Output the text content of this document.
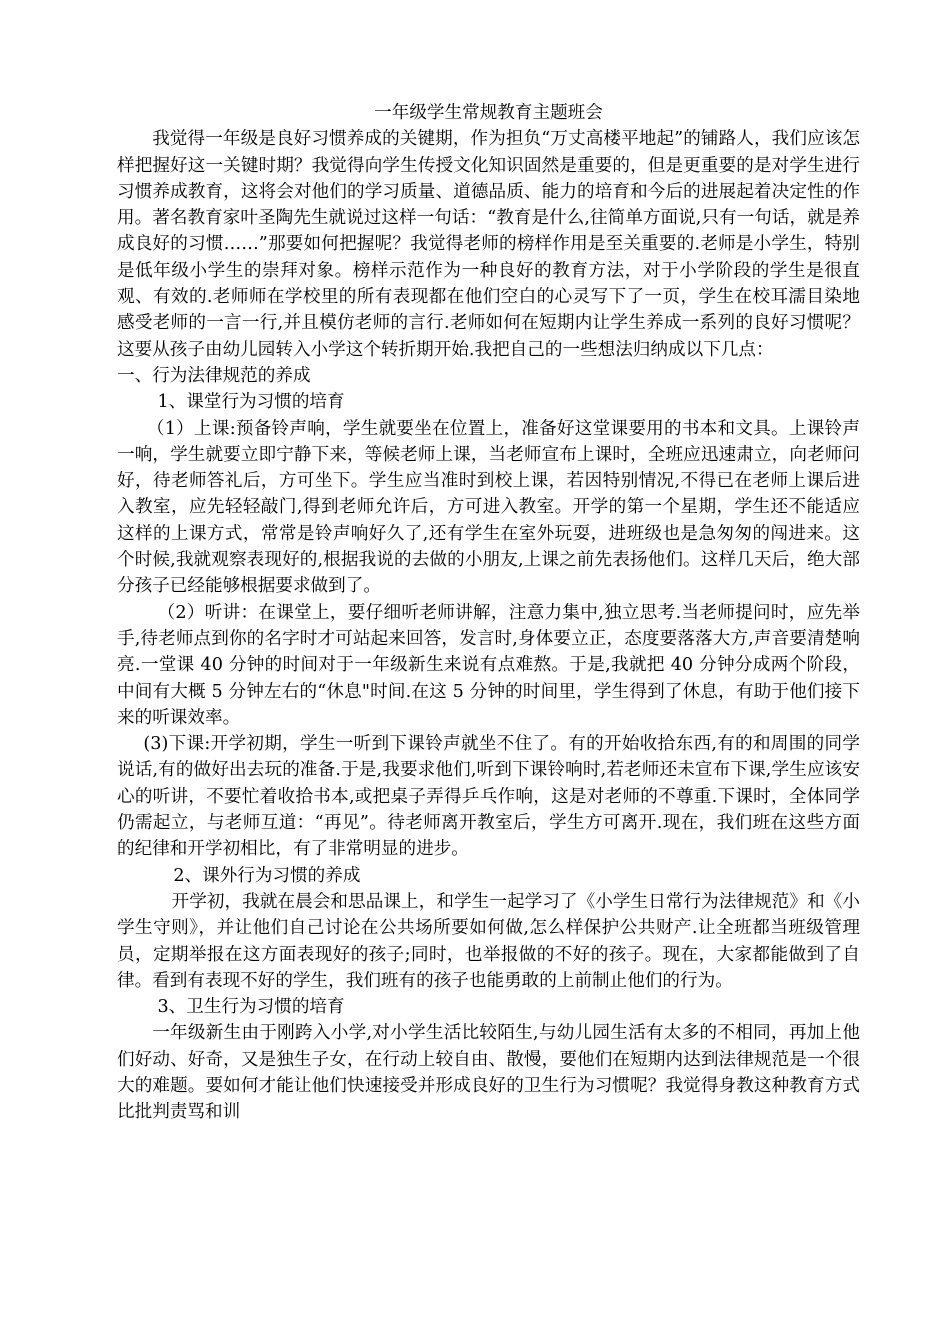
一年级学生常规教育主题班会

我觉得一年级是良好习惯养成的关键期，作为担负“万丈高楼平地起”的铺路人，我们应该怎样把握好这一关键时期？我觉得向学生传授文化知识固然是重要的，但是更重要的是对学生进行习惯养成教育，这将会对他们的学习质量、道德品质、能力的培育和今后的进展起着决定性的作用。著名教育家叶圣陶先生就说过这样一句话：“教育是什么,往简单方面说,只有一句话，就是养成良好的习惯……”那要如何把握呢？我觉得老师的榜样作用是至关重要的.老师是小学生，特别是低年级小学生的崇拜对象。榜样示范作为一种良好的教育方法，对于小学阶段的学生是很直观、有效的.老师师在学校里的所有表现都在他们空白的心灵写下了一页，学生在校耳濡目染地感受老师的一言一行,并且模仿老师的言行.老师如何在短期内让学生养成一系列的良好习惯呢？这要从孩子由幼儿园转入小学这个转折期开始.我把自己的一些想法归纳成以下几点：

一、行为法律规范的养成

1、课堂行为习惯的培育

（1）上课:预备铃声响，学生就要坐在位置上，准备好这堂课要用的书本和文具。上课铃声一响，学生就要立即宁静下来，等候老师上课，当老师宣布上课时，全班应迅速肃立，向老师问好，待老师答礼后，方可坐下。学生应当准时到校上课，若因特别情况,不得已在老师上课后进入教室，应先轻轻敲门,得到老师允许后，方可进入教室。开学的第一个星期，学生还不能适应这样的上课方式，常常是铃声响好久了,还有学生在室外玩耍，进班级也是急匆匆的闯进来。这个时候,我就观察表现好的,根据我说的去做的小朋友,上课之前先表扬他们。这样几天后，绝大部分孩子已经能够根据要求做到了。

（2）听讲：在课堂上，要仔细听老师讲解，注意力集中,独立思考.当老师提问时，应先举手,待老师点到你的名字时才可站起来回答，发言时,身体要立正，态度要落落大方,声音要清楚响亮.一堂课 40 分钟的时间对于一年级新生来说有点难熬。于是,我就把 40 分钟分成两个阶段，中间有大概 5 分钟左右的“休息"时间.在这 5 分钟的时间里，学生得到了休息，有助于他们接下来的听课效率。

(3)下课:开学初期，学生一听到下课铃声就坐不住了。有的开始收拾东西,有的和周围的同学说话,有的做好出去玩的准备.于是,我要求他们,听到下课铃响时,若老师还未宣布下课,学生应该安心的听讲，不要忙着收拾书本,或把桌子弄得乒乓作响，这是对老师的不尊重.下课时，全体同学仍需起立，与老师互道：“再见”。待老师离开教室后，学生方可离开.现在，我们班在这些方面的纪律和开学初相比，有了非常明显的进步。

2、课外行为习惯的养成

开学初，我就在晨会和思品课上，和学生一起学习了《小学生日常行为法律规范》和《小学生守则》，并让他们自己讨论在公共场所要如何做,怎么样保护公共财产.让全班都当班级管理员，定期举报在这方面表现好的孩子;同时，也举报做的不好的孩子。现在，大家都能做到了自律。看到有表现不好的学生，我们班有的孩子也能勇敢的上前制止他们的行为。

3、卫生行为习惯的培育

一年级新生由于刚跨入小学,对小学生活比较陌生,与幼儿园生活有太多的不相同，再加上他们好动、好奇，又是独生子女，在行动上较自由、散慢，要他们在短期内达到法律规范是一个很大的难题。要如何才能让他们快速接受并形成良好的卫生行为习惯呢？我觉得身教这种教育方式比批判责骂和训
